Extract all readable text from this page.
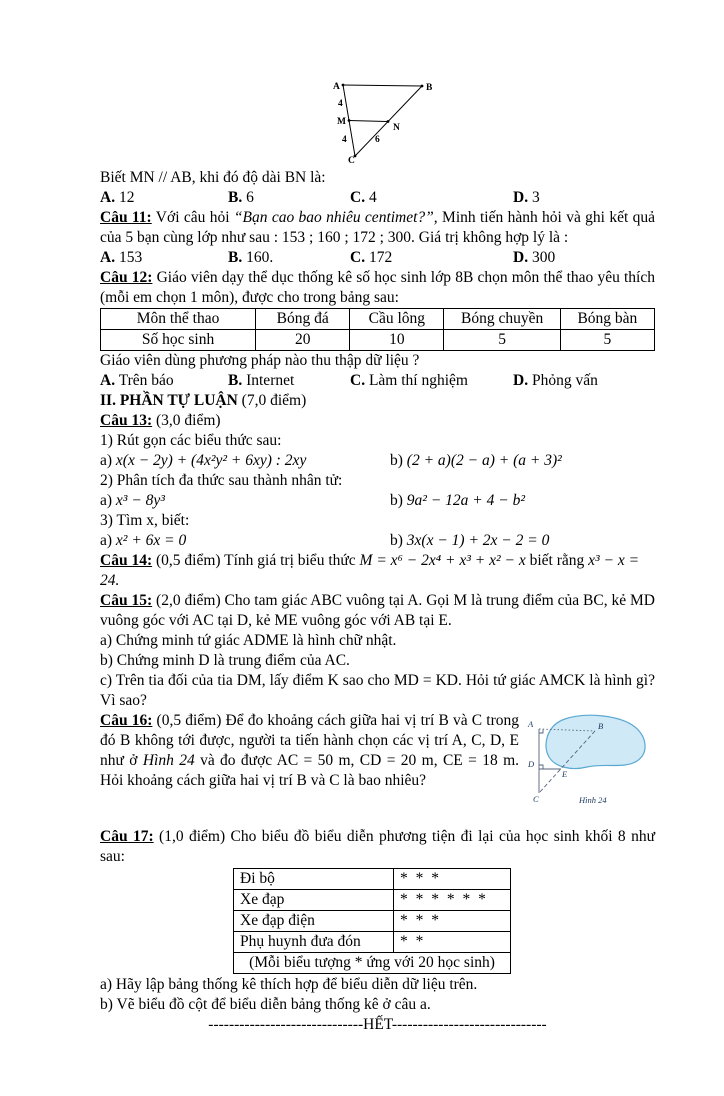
A	B
M
N
C
4
4	6

Biết MN // AB, khi đó độ dài BN là:

A. 12	B. 6	C. 4	D. 3

Câu 11: Với câu hỏi “Bạn cao bao nhiêu centimet?”, Minh tiến hành hỏi và ghi kết quả của 5 bạn cùng lớp như sau : 153 ; 160 ; 172 ; 300. Giá trị không hợp lý là :

A. 153	B. 160.	C. 172	D. 300

Câu 12: Giáo viên dạy thể dục thống kê số học sinh lớp 8B chọn môn thể thao yêu thích (mỗi em chọn 1 môn), được cho trong bảng sau:

Môn thể thao	Bóng đá	Cầu lông	Bóng chuyền	Bóng bàn
Số học sinh	20	10	5	5

Giáo viên dùng phương pháp nào thu thập dữ liệu ?

A. Trên báo	B. Internet	C. Làm thí nghiệm	D. Phỏng vấn

II. PHẦN TỰ LUẬN (7,0 điểm)

Câu 13: (3,0 điểm)

1) Rút gọn các biểu thức sau:

a) x(x − 2y) + (4x²y² + 6xy) : 2xy	b) (2 + a)(2 − a) + (a + 3)²

2) Phân tích đa thức sau thành nhân tử:

a) x³ − 8y³	b) 9a² − 12a + 4 − b²

3) Tìm x, biết:

a) x² + 6x = 0	b) 3x(x − 1) + 2x − 2 = 0

Câu 14: (0,5 điểm) Tính giá trị biểu thức M = x⁶ − 2x⁴ + x³ + x² − x biết rằng x³ − x = 24.

Câu 15: (2,0 điểm) Cho tam giác ABC vuông tại A. Gọi M là trung điểm của BC, kẻ MD vuông góc với AC tại D, kẻ ME vuông góc với AB tại E.

a) Chứng minh tứ giác ADME là hình chữ nhật.

b) Chứng minh D là trung điểm của AC.

c) Trên tia đối của tia DM, lấy điểm K sao cho MD = KD. Hỏi tứ giác AMCK là hình gì? Vì sao?

A	B
D
E
C	Hình 24

Câu 16: (0,5 điểm) Để đo khoảng cách giữa hai vị trí B và C trong đó B không tới được, người ta tiến hành chọn các vị trí A, C, D, E như ở Hình 24 và đo được AC = 50 m, CD = 20 m, CE = 18 m. Hỏi khoảng cách giữa hai vị trí B và C là bao nhiêu?

Câu 17: (1,0 điểm) Cho biểu đồ biểu diễn phương tiện đi lại của học sinh khối 8 như sau:

Đi bộ	* * *
Xe đạp	* * * * * *
Xe đạp điện	* * *
Phụ huynh đưa đón	* *
(Mỗi biểu tượng * ứng với 20 học sinh)	

a) Hãy lập bảng thống kê thích hợp để biểu diễn dữ liệu trên.

b) Vẽ biểu đồ cột để biểu diễn bảng thống kê ở câu a.

------------------------------HẾT------------------------------
